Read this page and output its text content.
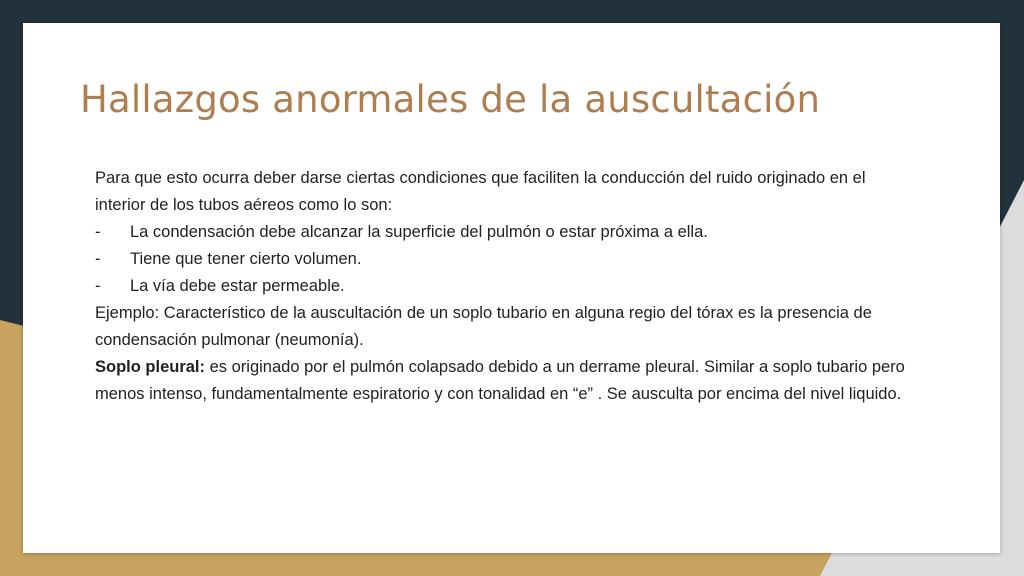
Hallazgos anormales de la auscultación

Para que esto ocurra deber darse ciertas condiciones que faciliten la conducción del ruido originado en el interior de los tubos aéreos como lo son:

-	La condensación debe alcanzar la superficie del pulmón o estar próxima a ella.
-	Tiene que tener cierto volumen.
-	La vía debe estar permeable.

Ejemplo: Característico de la auscultación de un soplo tubario en alguna regio del tórax es la presencia de condensación pulmonar (neumonía).

Soplo pleural: es originado por el pulmón colapsado debido a un derrame pleural. Similar a soplo tubario pero menos intenso, fundamentalmente espiratorio y con tonalidad en “e” . Se ausculta por encima del nivel liquido.
